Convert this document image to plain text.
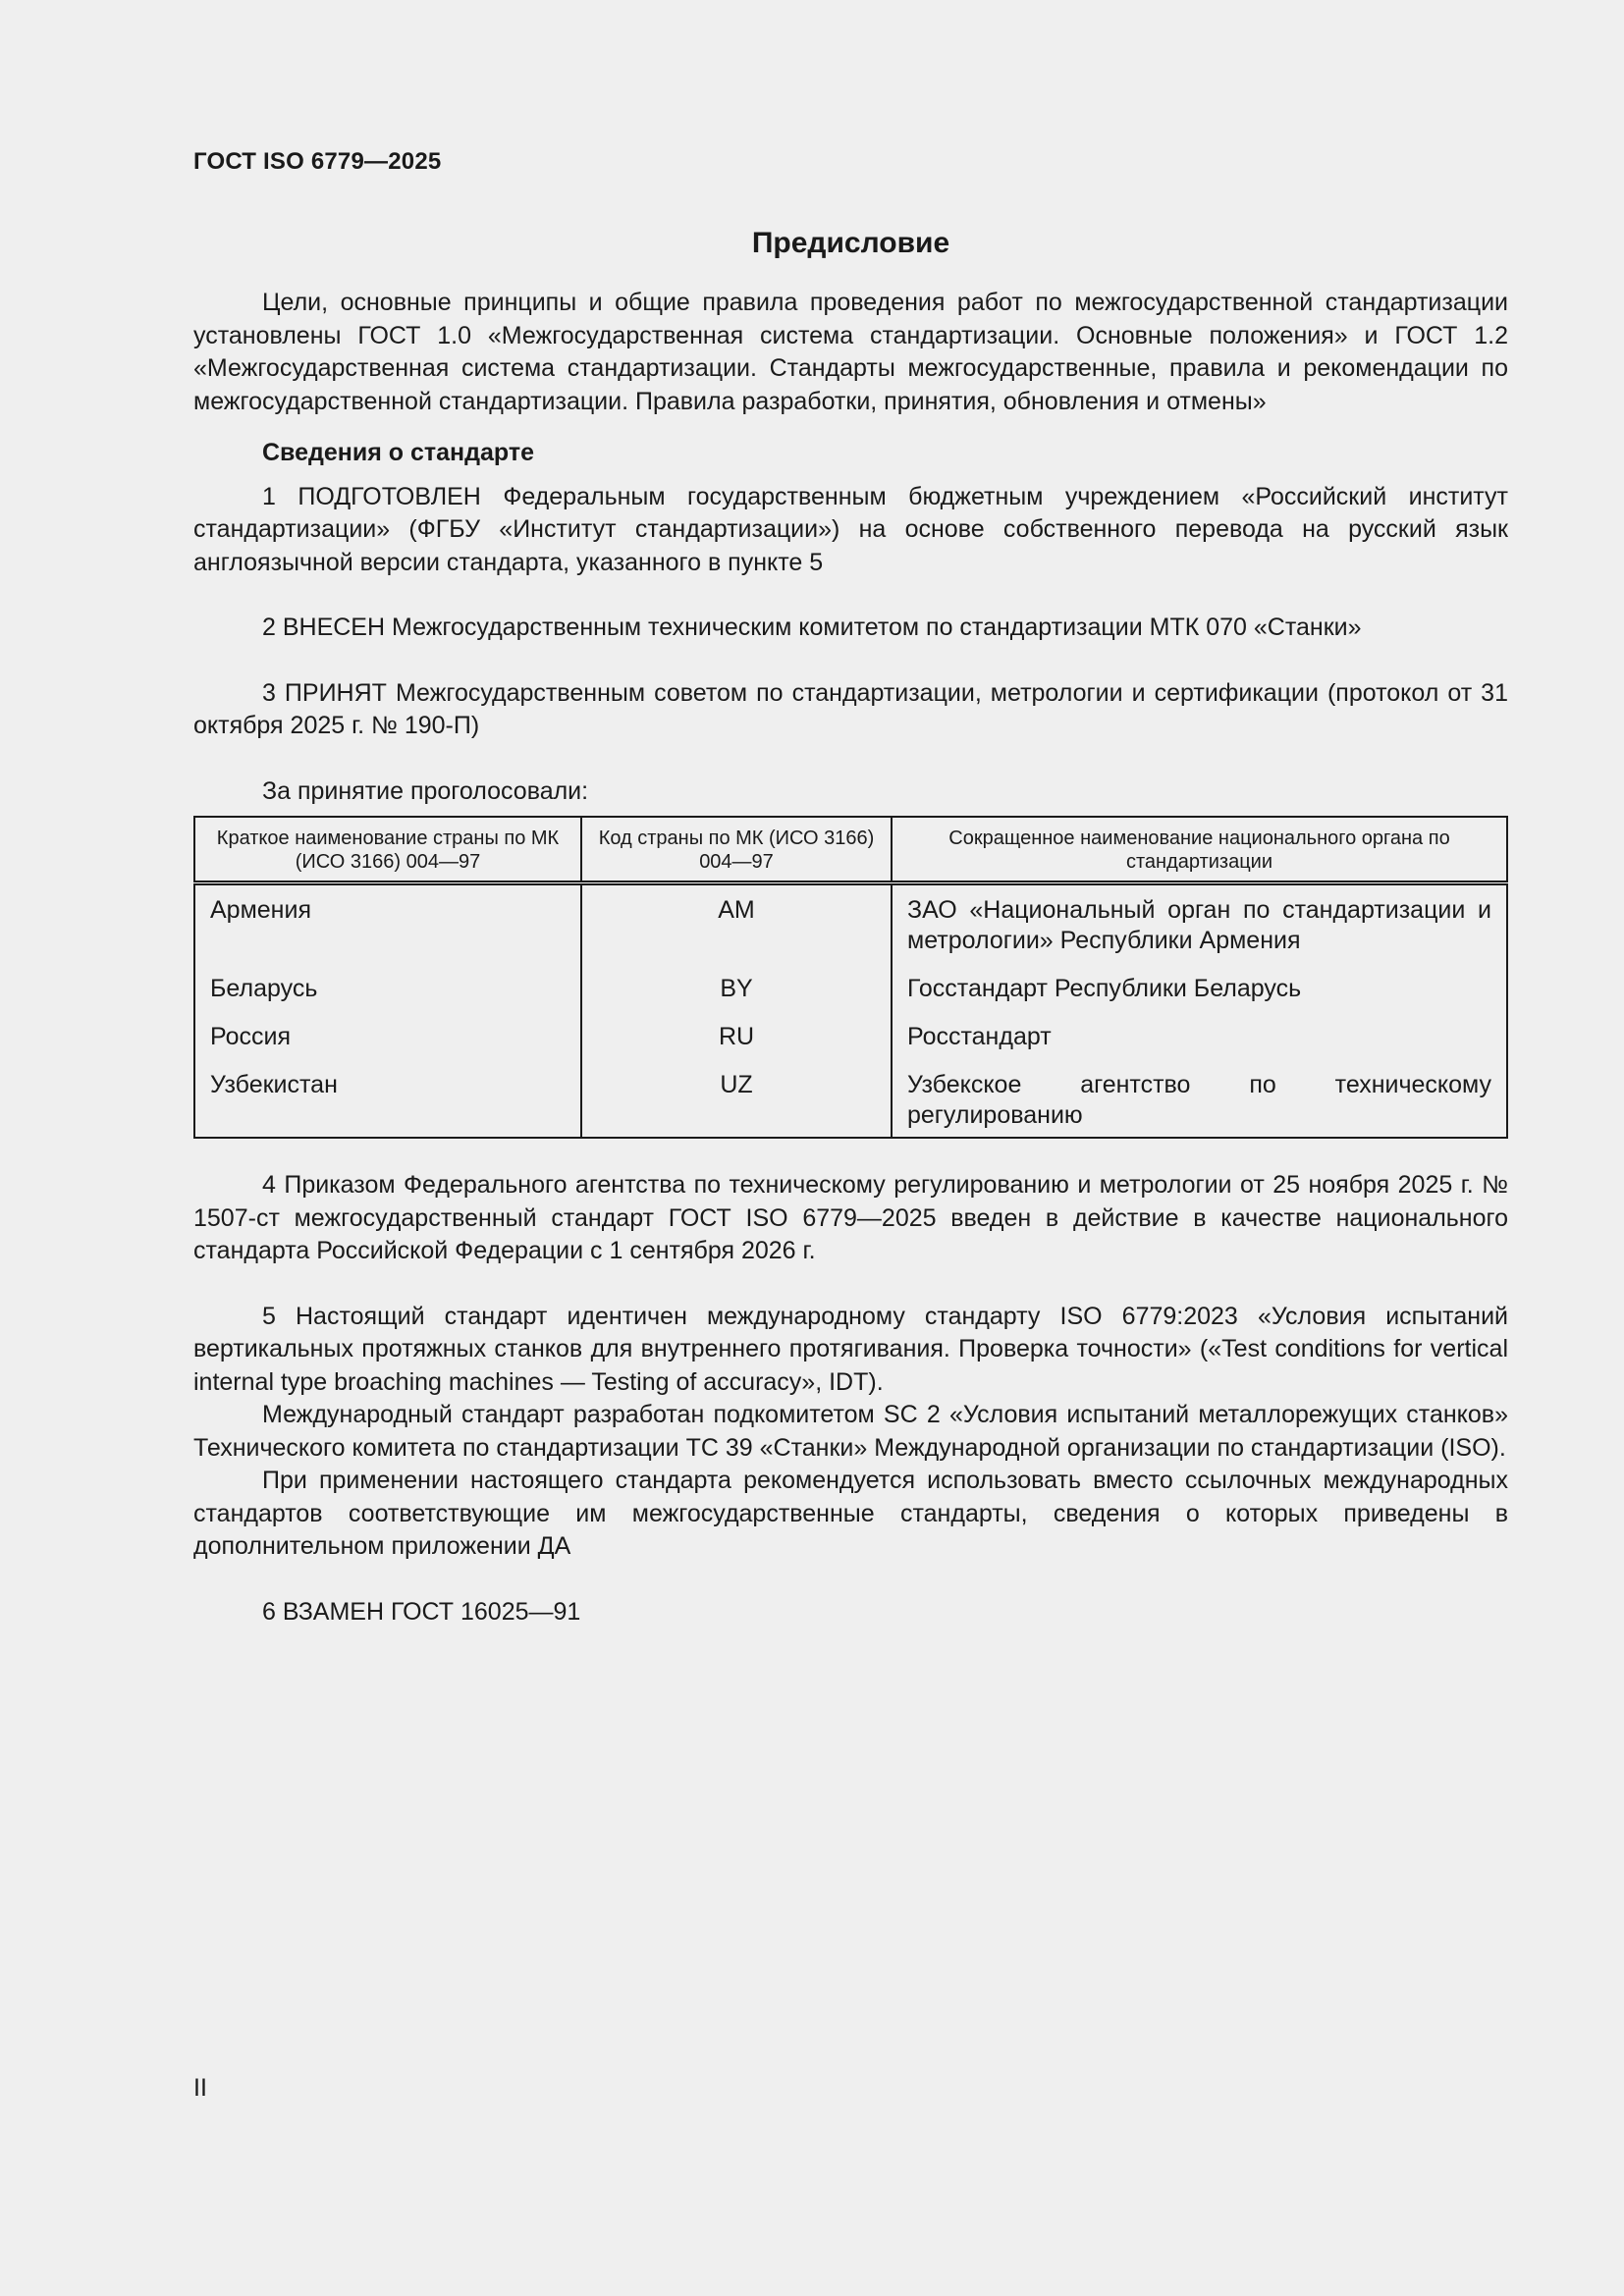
ГОСТ ISO 6779—2025
Предисловие

Цели, основные принципы и общие правила проведения работ по межгосударственной стандартизации установлены ГОСТ 1.0 «Межгосударственная система стандартизации. Основные положения» и ГОСТ 1.2 «Межгосударственная система стандартизации. Стандарты межгосударственные, правила и рекомендации по межгосударственной стандартизации. Правила разработки, принятия, обновления и отмены»

Сведения о стандарте

1 ПОДГОТОВЛЕН Федеральным государственным бюджетным учреждением «Российский институт стандартизации» (ФГБУ «Институт стандартизации») на основе собственного перевода на русский язык англоязычной версии стандарта, указанного в пункте 5

2 ВНЕСЕН Межгосударственным техническим комитетом по стандартизации МТК 070 «Станки»

3 ПРИНЯТ Межгосударственным советом по стандартизации, метрологии и сертификации (протокол от 31 октября 2025 г. № 190-П)

За принятие проголосовали:

Краткое наименование страны по МК (ИСО 3166) 004—97	Код страны по МК (ИСО 3166) 004—97	Сокращенное наименование национального органа по стандартизации
Армения	AM	ЗАО «Национальный орган по стандартизации и метрологии» Республики Армения
Беларусь	BY	Госстандарт Республики Беларусь
Россия	RU	Росстандарт
Узбекистан	UZ	Узбекское агентство по техническому регулированию

4 Приказом Федерального агентства по техническому регулированию и метрологии от 25 ноября 2025 г. № 1507-ст межгосударственный стандарт ГОСТ ISO 6779—2025 введен в действие в качестве национального стандарта Российской Федерации с 1 сентября 2026 г.

5 Настоящий стандарт идентичен международному стандарту ISO 6779:2023 «Условия испытаний вертикальных протяжных станков для внутреннего протягивания. Проверка точности» («Test conditions for vertical internal type broaching machines — Testing of accuracy», IDT).

Международный стандарт разработан подкомитетом SC 2 «Условия испытаний металлорежущих станков» Технического комитета по стандартизации ТС 39 «Станки» Международной организации по стандартизации (ISO).

При применении настоящего стандарта рекомендуется использовать вместо ссылочных международных стандартов соответствующие им межгосударственные стандарты, сведения о которых приведены в дополнительном приложении ДА

6 ВЗАМЕН ГОСТ 16025—91

II
